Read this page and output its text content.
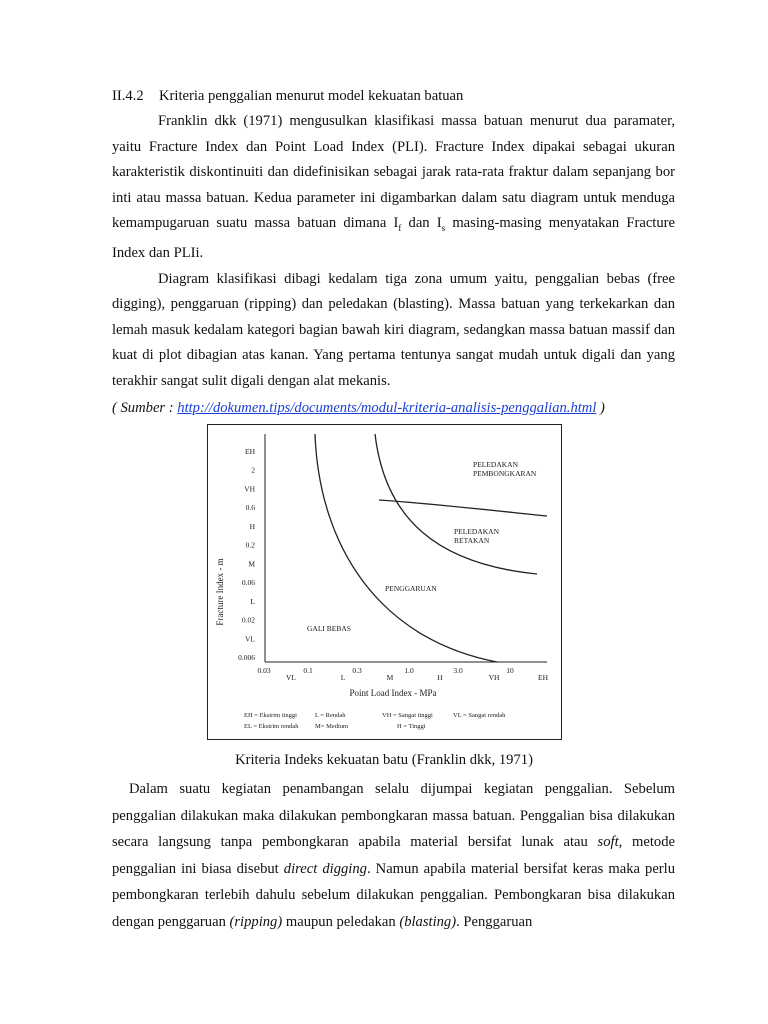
II.4.2 Kriteria penggalian menurut model kekuatan batuan

Franklin dkk (1971) mengusulkan klasifikasi massa batuan menurut dua paramater, yaitu Fracture Index dan Point Load Index (PLI). Fracture Index dipakai sebagai ukuran karakteristik diskontinuiti dan didefinisikan sebagai jarak rata-rata fraktur dalam sepanjang bor inti atau massa batuan. Kedua parameter ini digambarkan dalam satu diagram untuk menduga kemampugaruan suatu massa batuan dimana $I_f$ dan $I_s$ masing-masing menyatakan Fracture Index dan PLIi.

Diagram klasifikasi dibagi kedalam tiga zona umum yaitu, penggalian bebas (free digging), penggaruan (ripping) dan peledakan (blasting). Massa batuan yang terkekarkan dan lemah masuk kedalam kategori bagian bawah kiri diagram, sedangkan massa batuan massif dan kuat di plot dibagian atas kanan. Yang pertama tentunya sangat mudah untuk digali dan yang terakhir sangat sulit digali dengan alat mekanis.

( Sumber : http://dokumen.tips/documents/modul-kriteria-analisis-penggalian.html )
EH
2
VH
0.6
H
0.2
M
0.06
L
0.02
VL
0.006
0.03	0.1	0.3	1.0	3.0	10
VL	L	M	H	VH	EH
Fracture Index - m
Point Load Index - MPa
PELEDAKAN
PEMBONGKARAN
PELEDAKAN
RETAKAN
PENGGARUAN
GALI BEBAS
EH = Ekstrim tinggi	L = Rendah	VH = Sangat tinggi	VL = Sangat rendah
EL = Ekstrim rendah	M= Medium	H = Tinggi
Kriteria Indeks kekuatan batu (Franklin dkk, 1971)

Dalam suatu kegiatan penambangan selalu dijumpai kegiatan penggalian. Sebelum penggalian dilakukan maka dilakukan pembongkaran massa batuan. Penggalian bisa dilakukan secara langsung tanpa pembongkaran apabila material bersifat lunak atau soft, metode penggalian ini biasa disebut direct digging. Namun apabila material bersifat keras maka perlu pembongkaran terlebih dahulu sebelum dilakukan penggalian. Pembongkaran bisa dilakukan dengan penggaruan (ripping) maupun peledakan (blasting). Penggaruan
